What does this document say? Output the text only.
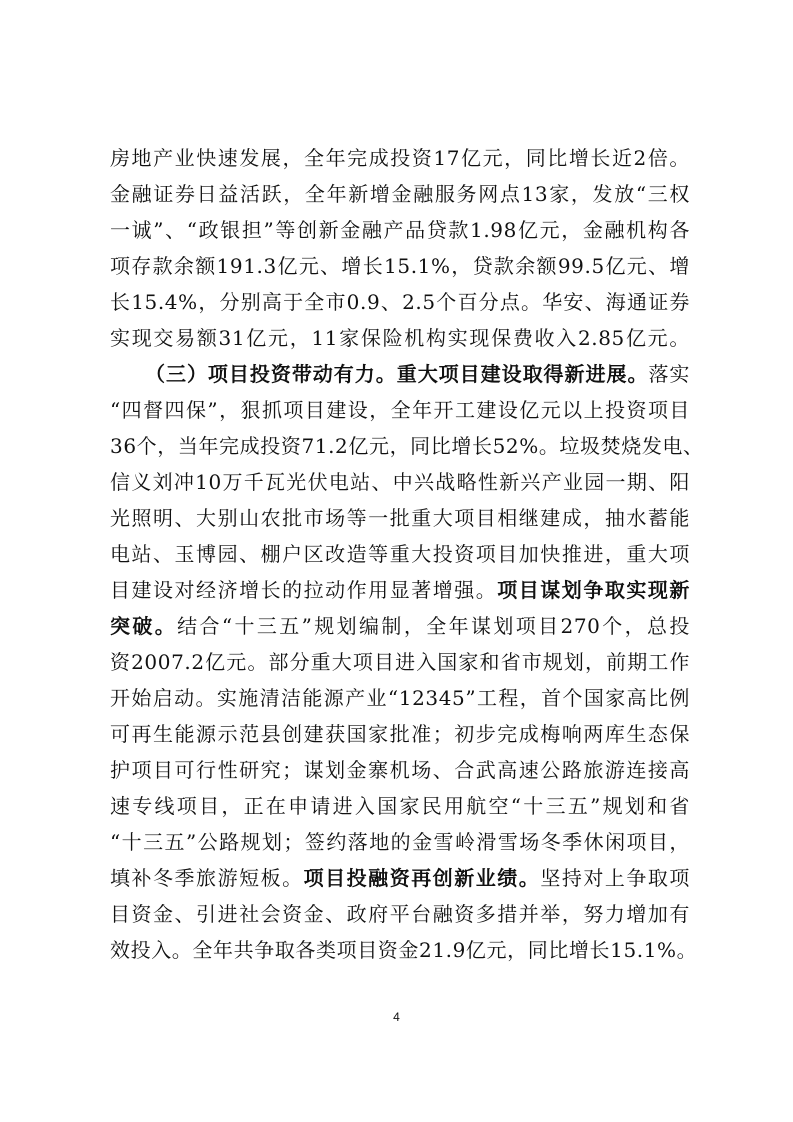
房地产业快速发展，全年完成投资17亿元，同比增长近2倍。
金融证券日益活跃，全年新增金融服务网点13家，发放“三权
一诚”、“政银担”等创新金融产品贷款1.98亿元，金融机构各
项存款余额191.3亿元、增长15.1%，贷款余额99.5亿元、增
长15.4%，分别高于全市0.9、2.5个百分点。华安、海通证券
实现交易额31亿元，11家保险机构实现保费收入2.85亿元。
（三）项目投资带动有力。重大项目建设取得新进展。落实
“四督四保”，狠抓项目建设，全年开工建设亿元以上投资项目
36个，当年完成投资71.2亿元，同比增长52%。垃圾焚烧发电、
信义刘冲10万千瓦光伏电站、中兴战略性新兴产业园一期、阳
光照明、大别山农批市场等一批重大项目相继建成，抽水蓄能
电站、玉博园、棚户区改造等重大投资项目加快推进，重大项
目建设对经济增长的拉动作用显著增强。项目谋划争取实现新
突破。结合“十三五”规划编制，全年谋划项目270个，总投
资2007.2亿元。部分重大项目进入国家和省市规划，前期工作
开始启动。实施清洁能源产业“12345”工程，首个国家高比例
可再生能源示范县创建获国家批准；初步完成梅响两库生态保
护项目可行性研究；谋划金寨机场、合武高速公路旅游连接高
速专线项目，正在申请进入国家民用航空“十三五”规划和省
“十三五”公路规划；签约落地的金雪岭滑雪场冬季休闲项目，
填补冬季旅游短板。项目投融资再创新业绩。坚持对上争取项
目资金、引进社会资金、政府平台融资多措并举，努力增加有
效投入。全年共争取各类项目资金21.9亿元，同比增长15.1%。
4
